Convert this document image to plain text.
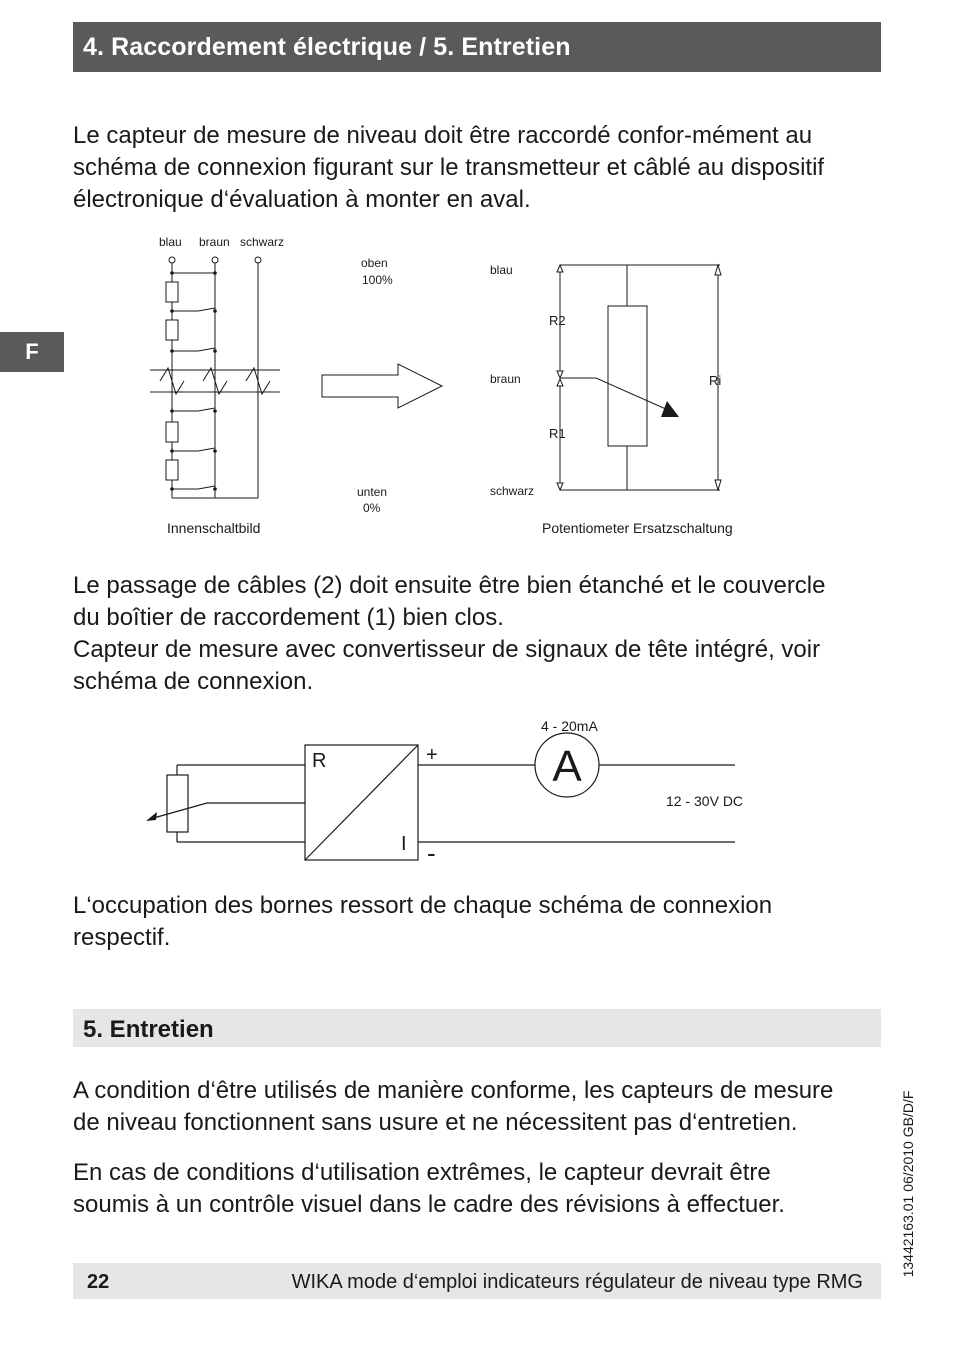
4. Raccordement électrique / 5. Entretien
F

Le capteur de mesure de niveau doit être raccordé confor-mément au
schéma de connexion figurant sur le transmetteur et câblé au dispositif
électronique d‘évaluation à monter en aval.

blau braun schwarz
oben
100%
unten
0%
Innenschaltbild
blau
braun
schwarz
R2
R1
Ri
Potentiometer Ersatzschaltung

Le passage de câbles (2) doit ensuite être bien étanché et le couvercle
du boîtier de raccordement (1) bien clos.
Capteur de mesure avec convertisseur de signaux de tête intégré, voir
schéma de connexion.

R
I
+
-
4 - 20mA
A
12 - 30V DC

L‘occupation des bornes ressort de chaque schéma de connexion
respectif.

5. Entretien

A condition d‘être utilisés de manière conforme, les capteurs de mesure
de niveau fonctionnent sans usure et ne nécessitent pas d‘entretien.

En cas de conditions d‘utilisation extrêmes, le capteur devrait être
soumis à un contrôle visuel dans le cadre des révisions à effectuer.	13442163.01 06/2010 GB/D/F
22	WIKA mode d‘emploi indicateurs régulateur de niveau type RMG
